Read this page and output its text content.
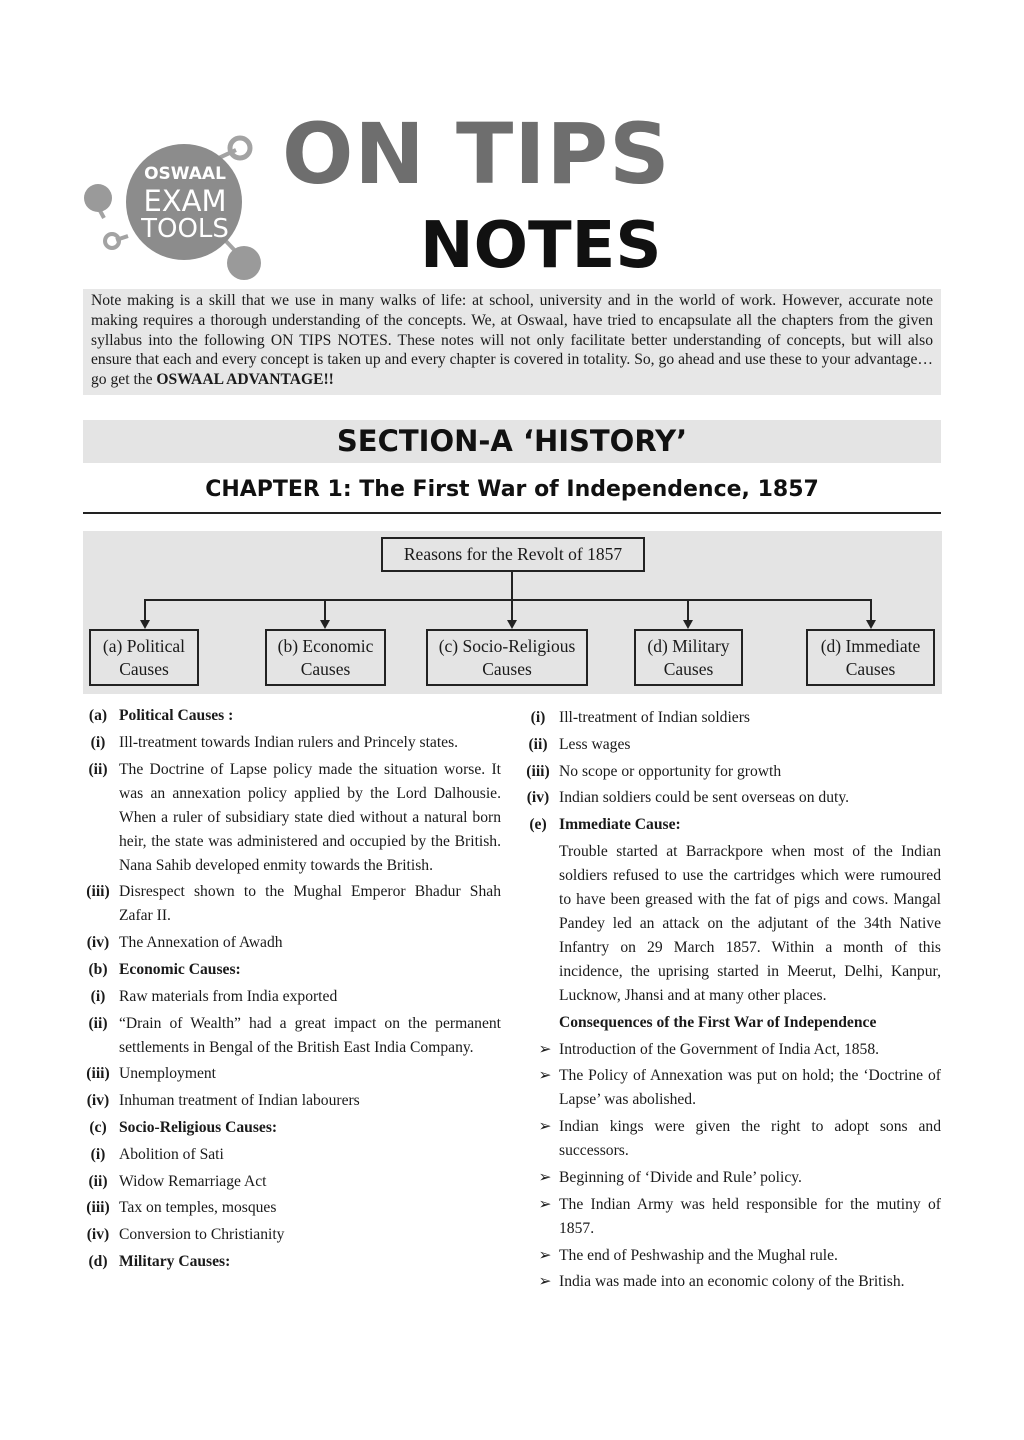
OSWAAL
EXAM
TOOLS
ON TIPS
NOTES
Note making is a skill that we use in many walks of life: at school, university and in the world of work. However, accurate note making requires a thorough understanding of the concepts. We, at Oswaal, have tried to encapsulate all the chapters from the given syllabus into the following ON TIPS NOTES. These notes will not only facilitate better understanding of concepts, but will also ensure that each and every concept is taken up and every chapter is covered in totality. So, go ahead and use these to your advantage… go get the OSWAAL ADVANTAGE!!
SECTION-A ‘HISTORY’
CHAPTER 1: The First War of Independence, 1857
Reasons for the Revolt of 1857
(a) Political
Causes
(b) Economic
Causes
(c) Socio-Religious
Causes
(d) Military
Causes
(d) Immediate
Causes
(a) Political Causes :
(i) Ill-treatment towards Indian rulers and Princely states.
(ii) The Doctrine of Lapse policy made the situation worse. It was an annexation policy applied by the Lord Dalhousie. When a ruler of subsidiary state died without a natural born heir, the state was administered and occupied by the British. Nana Sahib developed enmity towards the British.
(iii) Disrespect shown to the Mughal Emperor Bhadur Shah Zafar II.
(iv) The Annexation of Awadh
(b) Economic Causes:
(i) Raw materials from India exported
(ii) “Drain of Wealth” had a great impact on the permanent settlements in Bengal of the British East India Company.
(iii) Unemployment
(iv) Inhuman treatment of Indian labourers
(c) Socio-Religious Causes:
(i) Abolition of Sati
(ii) Widow Remarriage Act
(iii) Tax on temples, mosques
(iv) Conversion to Christianity
(d) Military Causes:
(i) Ill-treatment of Indian soldiers
(ii) Less wages
(iii) No scope or opportunity for growth
(iv) Indian soldiers could be sent overseas on duty.
(e) Immediate Cause:
Trouble started at Barrackpore when most of the Indian soldiers refused to use the cartridges which were rumoured to have been greased with the fat of pigs and cows. Mangal Pandey led an attack on the adjutant of the 34th Native Infantry on 29 March 1857. Within a month of this incidence, the uprising started in Meerut, Delhi, Kanpur, Lucknow, Jhansi and at many other places.
Consequences of the First War of Independence
➢ Introduction of the Government of India Act, 1858.
➢ The Policy of Annexation was put on hold; the ‘Doctrine of Lapse’ was abolished.
➢ Indian kings were given the right to adopt sons and successors.
➢ Beginning of ‘Divide and Rule’ policy.
➢ The Indian Army was held responsible for the mutiny of 1857.
➢ The end of Peshwaship and the Mughal rule.
➢ India was made into an economic colony of the British.
